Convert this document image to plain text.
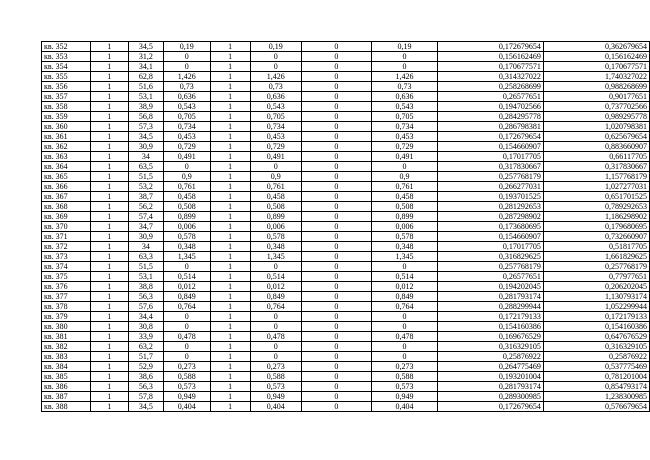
кв. 352	1	34,5	0,19	1	0,19	0	0,19	0,172679654	0,362679654
кв. 353	1	31,2	0	1	0	0	0	0,156162469	0,156162469
кв. 354	1	34,1	0	1	0	0	0	0,170677571	0,170677571
кв. 355	1	62,8	1,426	1	1,426	0	1,426	0,314327022	1,740327022
кв. 356	1	51,6	0,73	1	0,73	0	0,73	0,258268699	0,988268699
кв. 357	1	53,1	0,636	1	0,636	0	0,636	0,26577651	0,90177651
кв. 358	1	38,9	0,543	1	0,543	0	0,543	0,194702566	0,737702566
кв. 359	1	56,8	0,705	1	0,705	0	0,705	0,284295778	0,989295778
кв. 360	1	57,3	0,734	1	0,734	0	0,734	0,286798381	1,020798381
кв. 361	1	34,5	0,453	1	0,453	0	0,453	0,172679654	0,625679654
кв. 362	1	30,9	0,729	1	0,729	0	0,729	0,154660907	0,883660907
кв. 363	1	34	0,491	1	0,491	0	0,491	0,17017705	0,66117705
кв. 364	1	63,5	0	1	0	0	0	0,317830667	0,317830667
кв. 365	1	51,5	0,9	1	0,9	0	0,9	0,257768179	1,157768179
кв. 366	1	53,2	0,761	1	0,761	0	0,761	0,266277031	1,027277031
кв. 367	1	38,7	0,458	1	0,458	0	0,458	0,193701525	0,651701525
кв. 368	1	56,2	0,508	1	0,508	0	0,508	0,281292653	0,789292653
кв. 369	1	57,4	0,899	1	0,899	0	0,899	0,287298902	1,186298902
кв. 370	1	34,7	0,006	1	0,006	0	0,006	0,173680695	0,179680695
кв. 371	1	30,9	0,578	1	0,578	0	0,578	0,154660907	0,732660907
кв. 372	1	34	0,348	1	0,348	0	0,348	0,17017705	0,51817705
кв. 373	1	63,3	1,345	1	1,345	0	1,345	0,316829625	1,661829625
кв. 374	1	51,5	0	1	0	0	0	0,257768179	0,257768179
кв. 375	1	53,1	0,514	1	0,514	0	0,514	0,26577651	0,77977651
кв. 376	1	38,8	0,012	1	0,012	0	0,012	0,194202045	0,206202045
кв. 377	1	56,3	0,849	1	0,849	0	0,849	0,281793174	1,130793174
кв. 378	1	57,6	0,764	1	0,764	0	0,764	0,288299944	1,052299944
кв. 379	1	34,4	0	1	0	0	0	0,172179133	0,172179133
кв. 380	1	30,8	0	1	0	0	0	0,154160386	0,154160386
кв. 381	1	33,9	0,478	1	0,478	0	0,478	0,169676529	0,647676529
кв. 382	1	63,2	0	1	0	0	0	0,316329105	0,316329105
кв. 383	1	51,7	0	1	0	0	0	0,25876922	0,25876922
кв. 384	1	52,9	0,273	1	0,273	0	0,273	0,264775469	0,537775469
кв. 385	1	38,6	0,588	1	0,588	0	0,588	0,193201004	0,781201004
кв. 386	1	56,3	0,573	1	0,573	0	0,573	0,281793174	0,854793174
кв. 387	1	57,8	0,949	1	0,949	0	0,949	0,289300985	1,238300985
кв. 388	1	34,5	0,404	1	0,404	0	0,404	0,172679654	0,576679654
